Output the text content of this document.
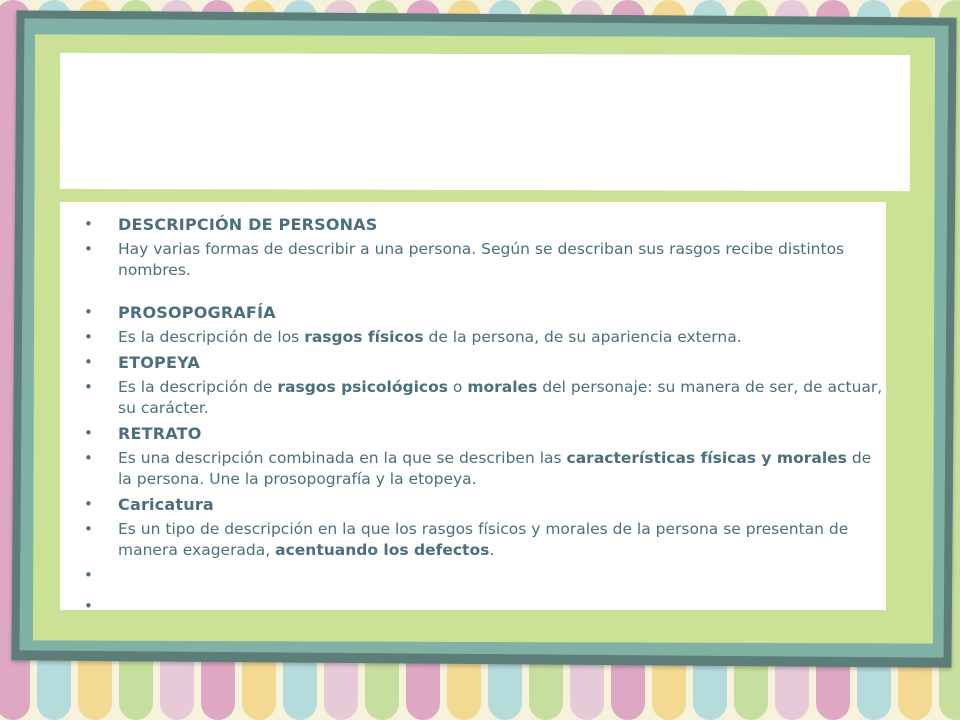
•	DESCRIPCIÓN DE PERSONAS
•	Hay varias formas de describir a una persona. Según se describan sus rasgos recibe distintos nombres.
•	PROSOPOGRAFÍA
•	Es la descripción de los rasgos físicos de la persona, de su apariencia externa.
•	ETOPEYA
•	Es la descripción de rasgos psicológicos o morales del personaje: su manera de ser, de actuar, su carácter.
•	RETRATO
•	Es una descripción combinada en la que se describen las características físicas y morales de la persona. Une la prosopografía y la etopeya.
•	Caricatura
•	Es un tipo de descripción en la que los rasgos físicos y morales de la persona se presentan de manera exagerada, acentuando los defectos.
•
•
